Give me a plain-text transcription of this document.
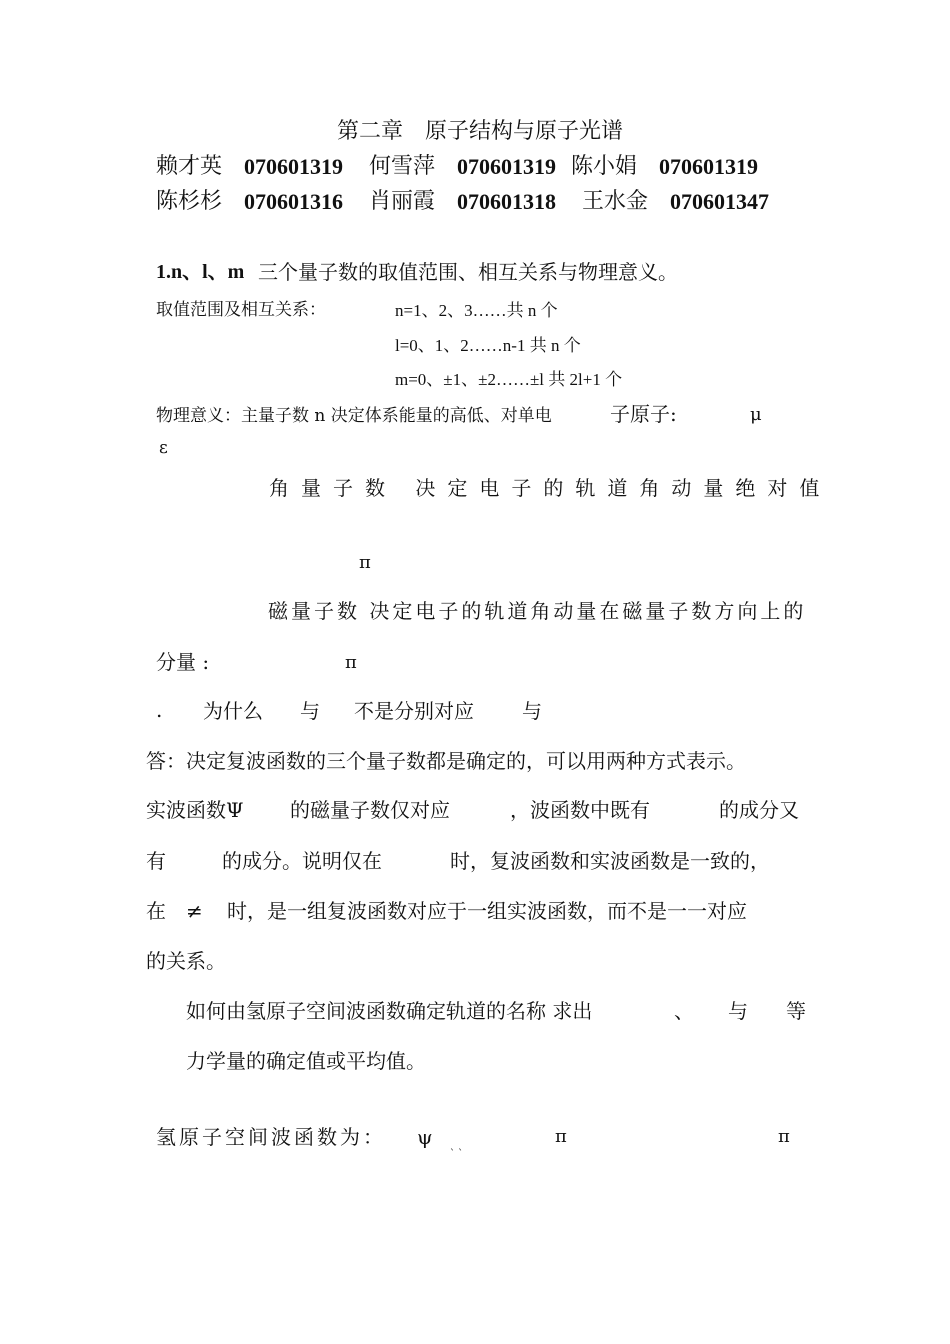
第二章　原子结构与原子光谱
赖才英 070601319 何雪萍 070601319 陈小娟 070601319
陈杉杉 070601316 肖丽霞 070601318 王水金 070601347
1.n、l、m 三个量子数的取值范围、相互关系与物理意义。
取值范围及相互关系：	n=1、2、3……共 n 个
l=0、1、2……n-1 共 n 个
m=0、±1、±2……±l 共 2l+1 个
物理意义：主量子数 n 决定体系能量的高低、对单电	子原子:	μ
ε
角量子数 决定电子的轨道角动量绝对值
π
磁量子数 决定电子的轨道角动量在磁量子数方向上的
分量 :	π
. 为什么 与 不是分别对应 与
答：决定复波函数的三个量子数都是确定的，可以用两种方式表示。
实波函数Ψ 的磁量子数仅对应	，波函数中既有	的成分又
有	的成分。说明仅在	时，复波函数和实波函数是一致的，
在 ≠ 时，是一组复波函数对应于一组实波函数，而不是一一对应
的关系。
如何由氢原子空间波函数确定轨道的名称 求出	、 与 等
力学量的确定值或平均值。
氢原子空间波函数为： ψ
` `
π	π
